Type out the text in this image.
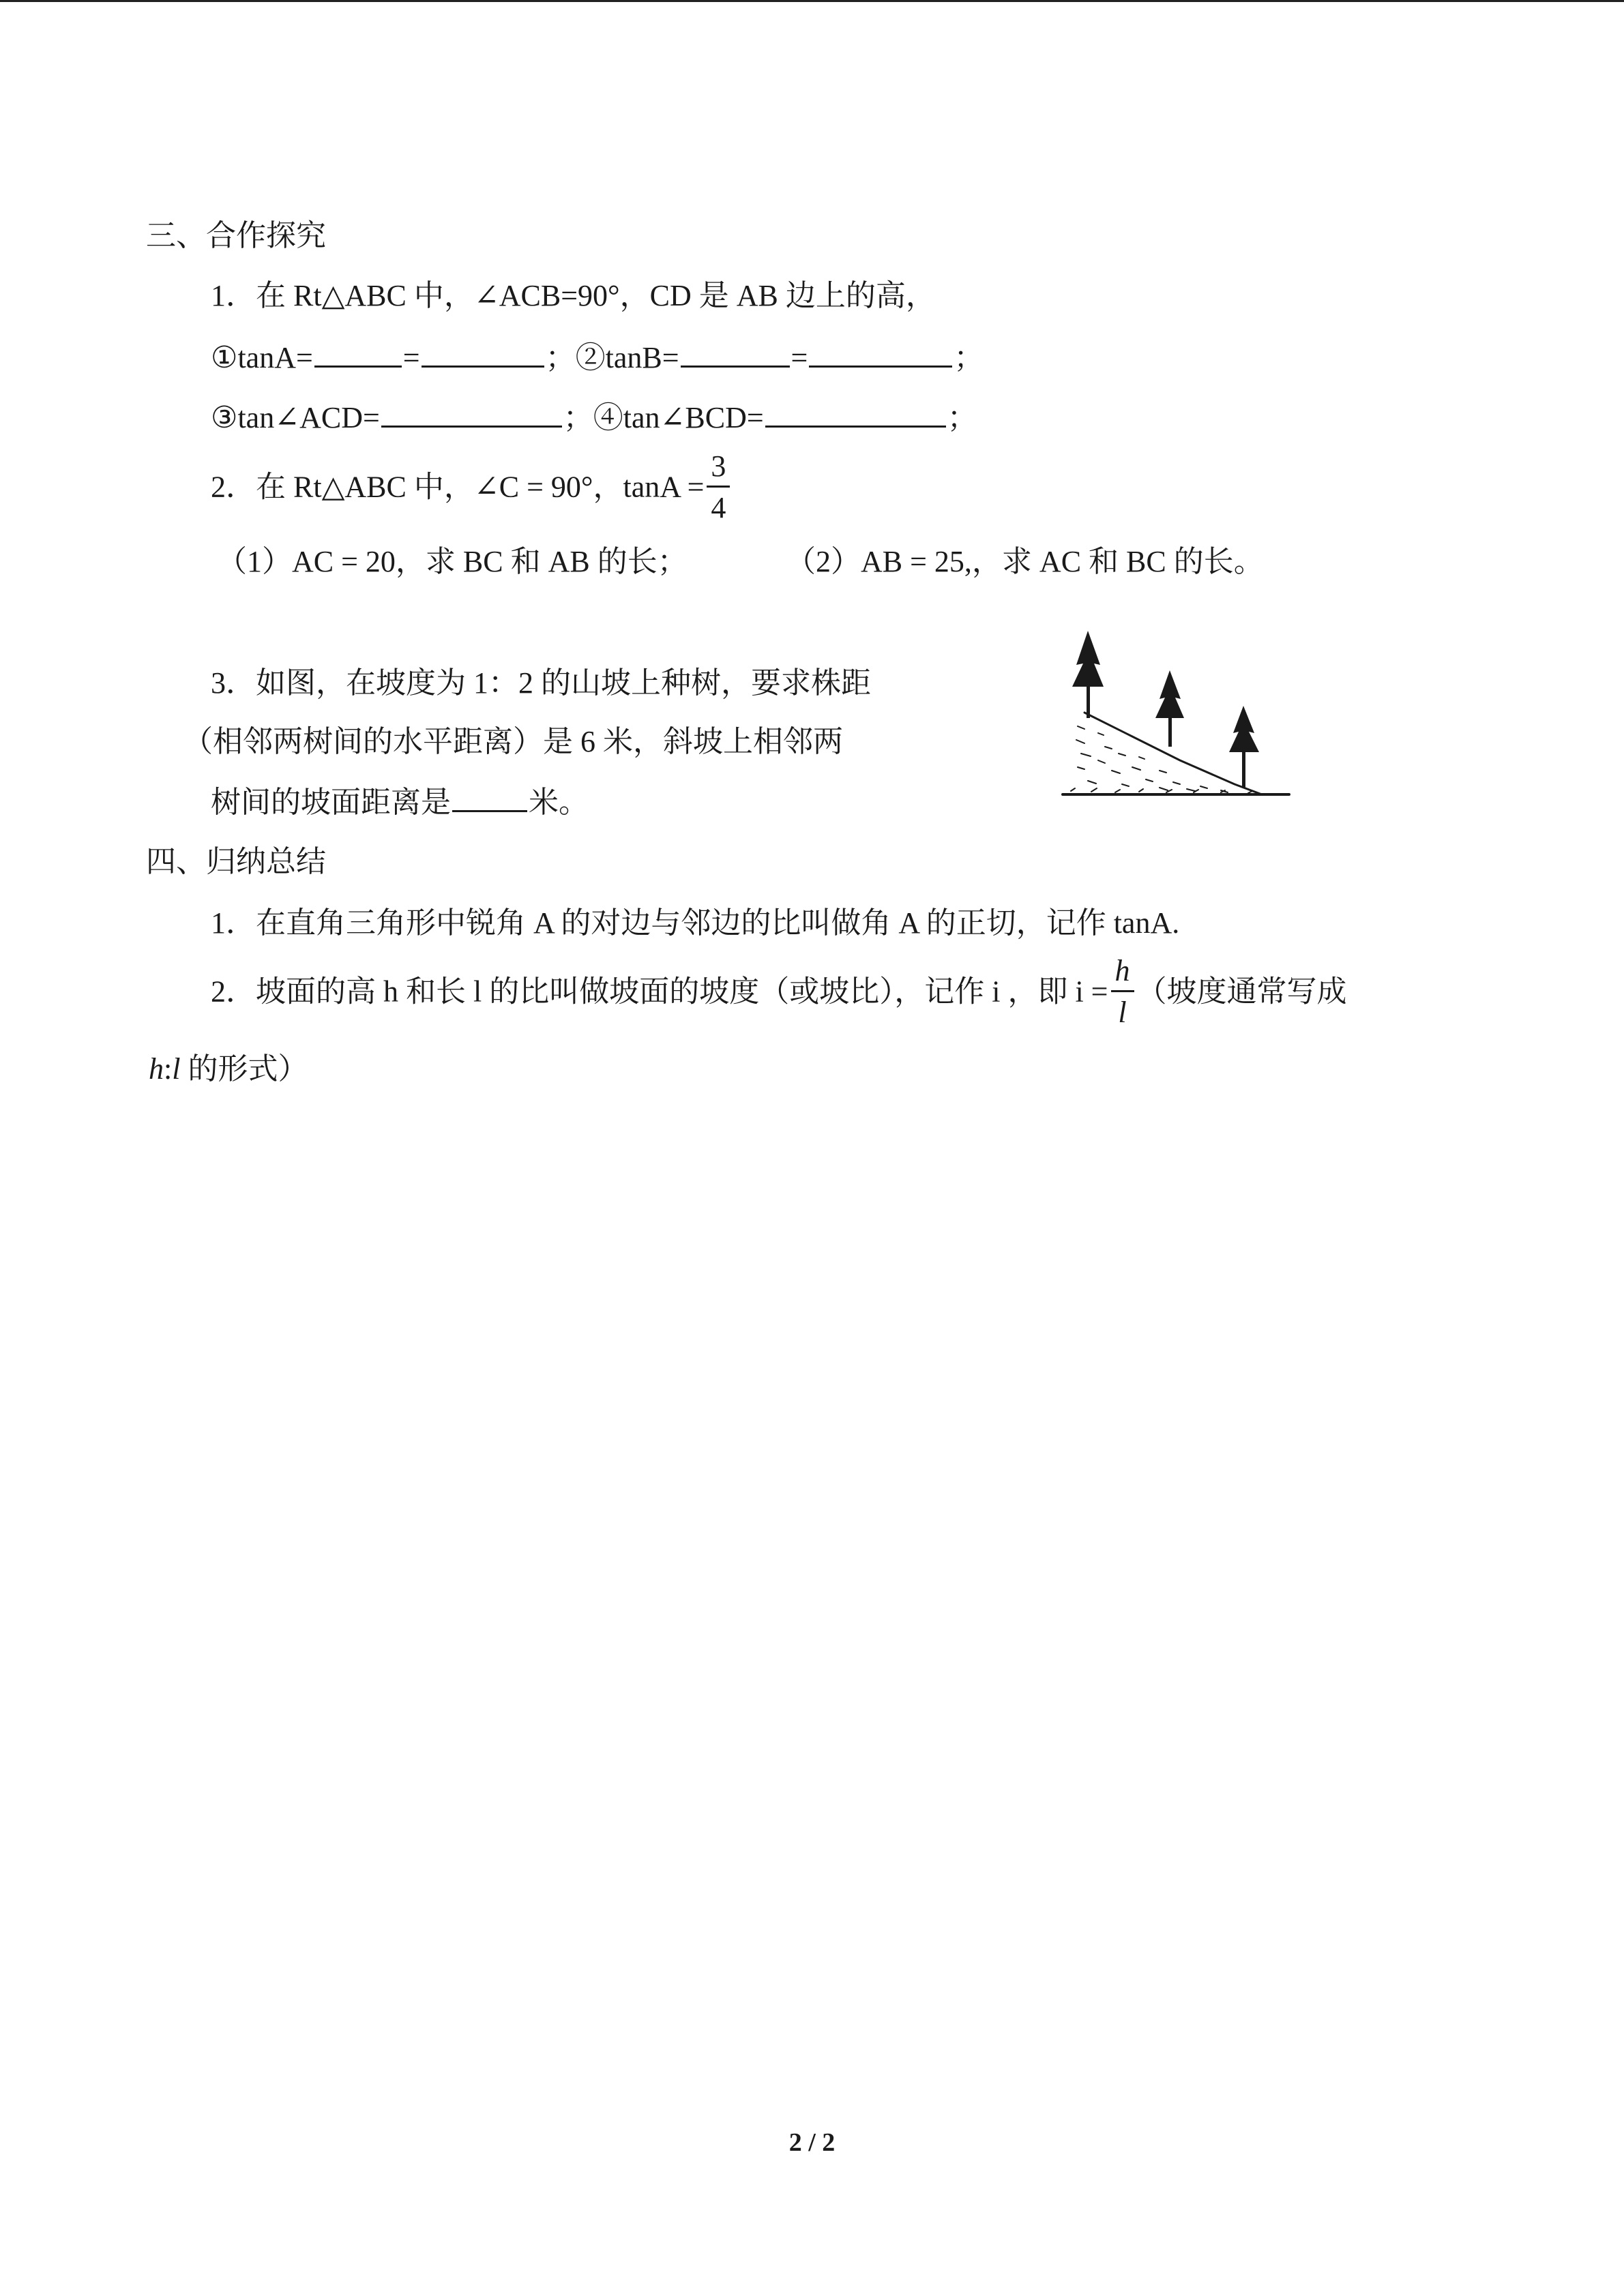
三、合作探究
1．在 Rt△ABC 中，∠ACB=90°，CD 是 AB 边上的高，
①tanA=	=	；②tanB=	=	；
③tan∠ACD=	；④tan∠BCD=	；
2．在 Rt△ABC 中，∠C = 90°，$\tan A = \frac{3}{4}$
（1）AC = 20，求 BC 和 AB 的长；	（2）AB = 25,，求 AC 和 BC 的长。
3．如图，在坡度为 1：2 的山坡上种树，要求株距
（相邻两树间的水平距离）是 6 米，斜坡上相邻两
树间的坡面距离是	米。
四、归纳总结
1．在直角三角形中锐角 A 的对边与邻边的比叫做角 A 的正切，记作 tanA.
2．坡面的高 h 和长 l 的比叫做坡面的坡度（或坡比），记作 i ，即 $i = \frac{h}{l}$ （坡度通常写成
h:l 的形式）
2 / 2
